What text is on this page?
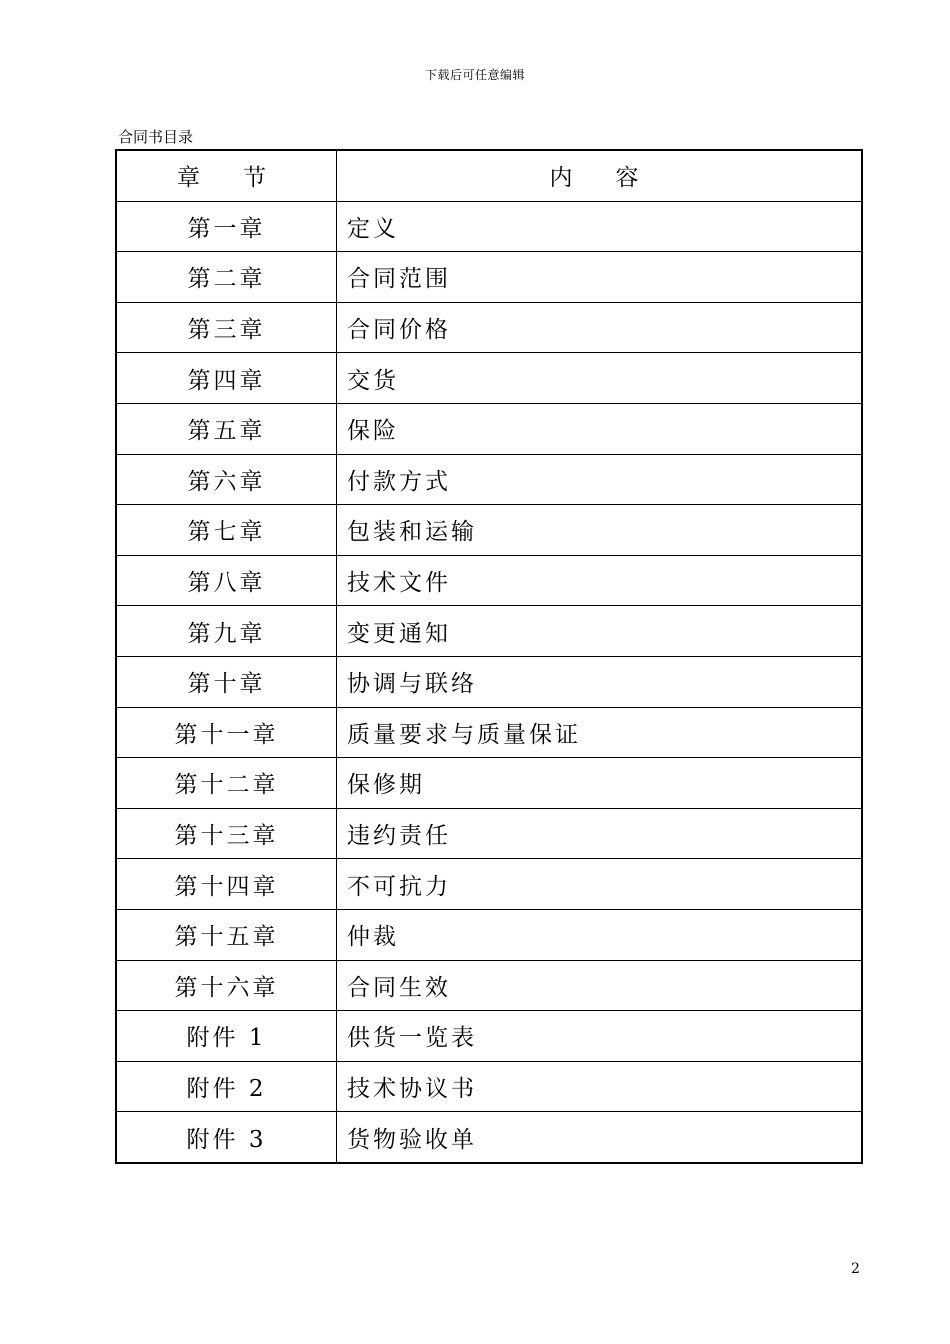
下载后可任意编辑
合同书目录
章　节	内　容
第一章	定义
第二章	合同范围
第三章	合同价格
第四章	交货
第五章	保险
第六章	付款方式
第七章	包装和运输
第八章	技术文件
第九章	变更通知
第十章	协调与联络
第十一章	质量要求与质量保证
第十二章	保修期
第十三章	违约责任
第十四章	不可抗力
第十五章	仲裁
第十六章	合同生效
附件 1	供货一览表
附件 2	技术协议书
附件 3	货物验收单
2
